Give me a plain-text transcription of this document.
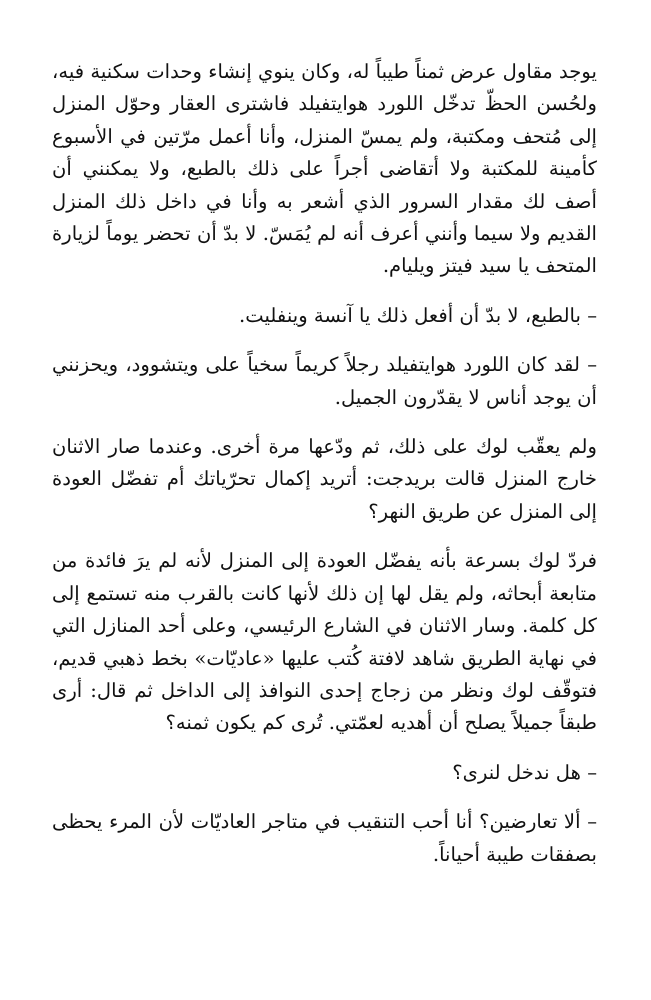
يوجد مقاول عرض ثمناً طيباً له، وكان ينوي إنشاء وحدات سكنية فيه، ولحُسن الحظّ تدخّل اللورد هوايتفيلد فاشترى العقار وحوّل المنزل إلى مُتحف ومكتبة، ولم يمسّ المنزل، وأنا أعمل مرّتين في الأسبوع كأمينة للمكتبة ولا أتقاضى أجراً على ذلك بالطبع، ولا يمكنني أن أصف لك مقدار السرور الذي أشعر به وأنا في داخل ذلك المنزل القديم ولا سيما وأنني أعرف أنه لم يُمَسّ. لا بدّ أن تحضر يوماً لزيارة المتحف يا سيد فيتز ويليام.

– بالطبع، لا بدّ أن أفعل ذلك يا آنسة وينفليت.

– لقد كان اللورد هوايتفيلد رجلاً كريماً سخياً على ويتشوود، ويحزنني أن يوجد أناس لا يقدّرون الجميل.

ولم يعقّب لوك على ذلك، ثم ودّعها مرة أخرى. وعندما صار الاثنان خارج المنزل قالت بريدجت: أتريد إكمال تحرّياتك أم تفضّل العودة إلى المنزل عن طريق النهر؟

فردّ لوك بسرعة بأنه يفضّل العودة إلى المنزل لأنه لم يرَ فائدة من متابعة أبحاثه، ولم يقل لها إن ذلك لأنها كانت بالقرب منه تستمع إلى كل كلمة. وسار الاثنان في الشارع الرئيسي، وعلى أحد المنازل التي في نهاية الطريق شاهد لافتة كُتب عليها «عاديّات» بخط ذهبي قديم، فتوقّف لوك ونظر من زجاج إحدى النوافذ إلى الداخل ثم قال: أرى طبقاً جميلاً يصلح أن أهديه لعمّتي. تُرى كم يكون ثمنه؟

– هل ندخل لنرى؟

– ألا تعارضين؟ أنا أحب التنقيب في متاجر العاديّات لأن المرء يحظى بصفقات طيبة أحياناً.
